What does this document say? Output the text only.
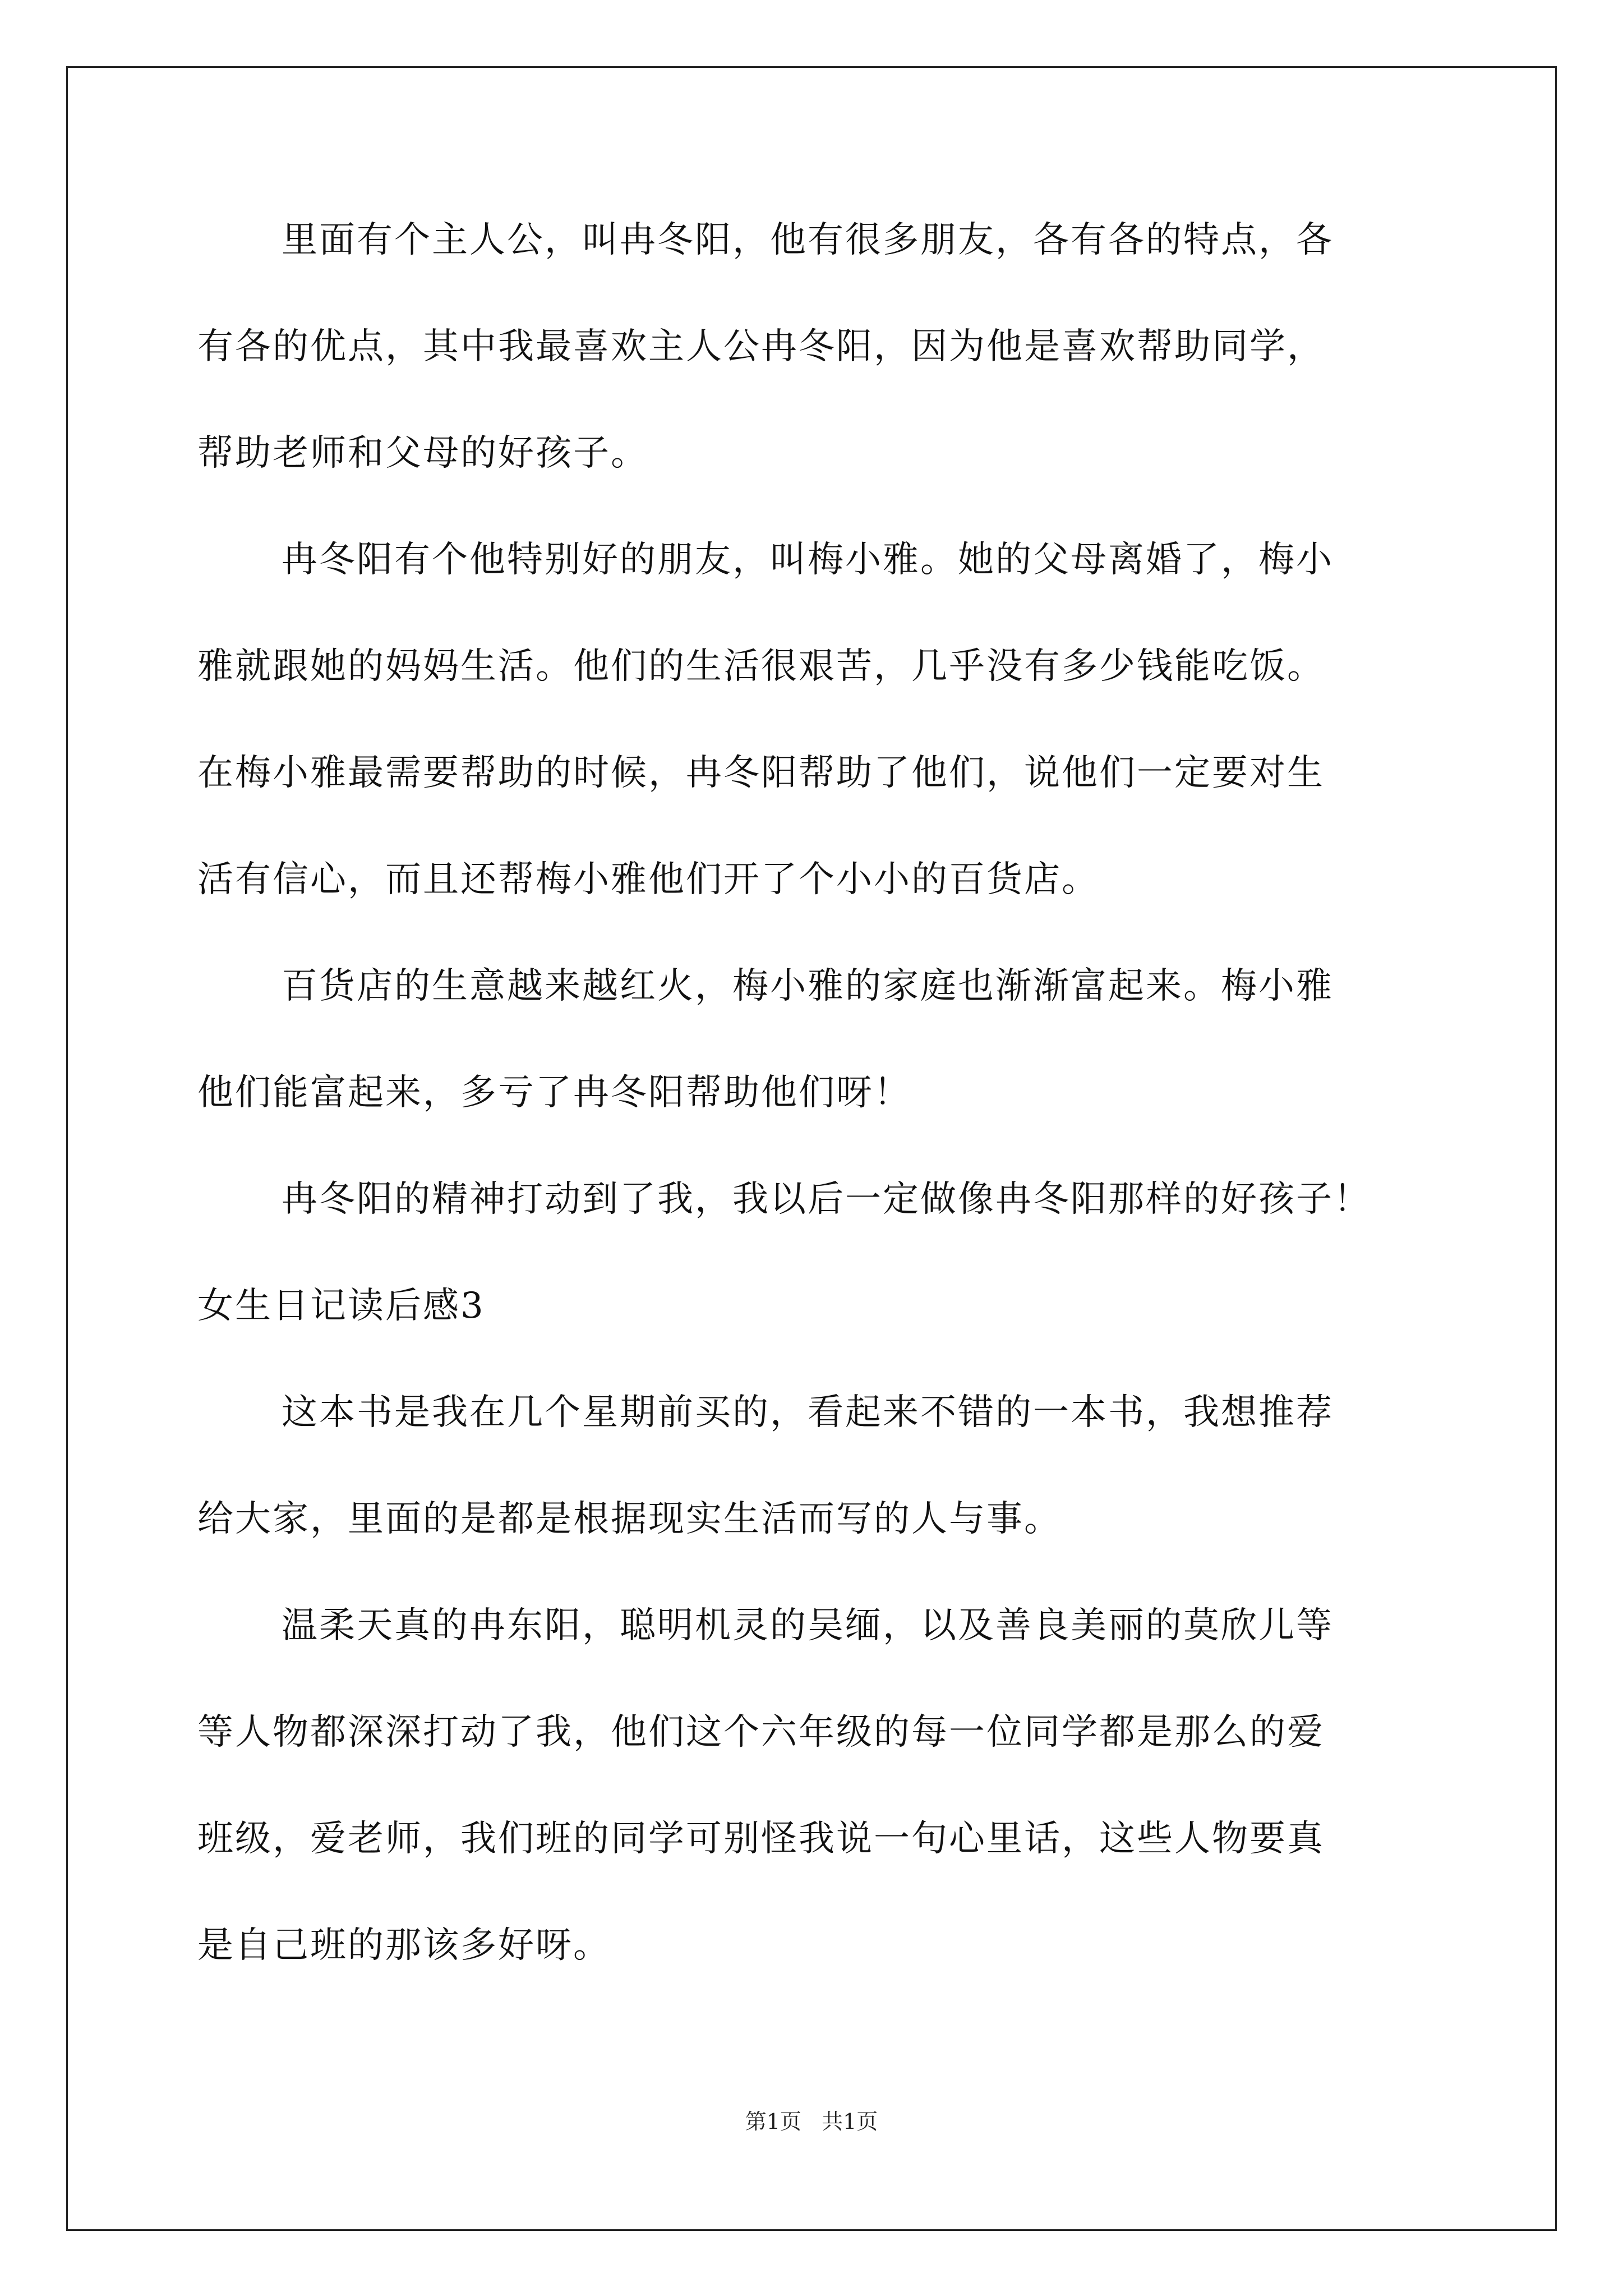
里面有个主人公，叫冉冬阳，他有很多朋友，各有各的特点，各
有各的优点，其中我最喜欢主人公冉冬阳，因为他是喜欢帮助同学，
帮助老师和父母的好孩子。
冉冬阳有个他特别好的朋友，叫梅小雅。她的父母离婚了，梅小
雅就跟她的妈妈生活。他们的生活很艰苦，几乎没有多少钱能吃饭。
在梅小雅最需要帮助的时候，冉冬阳帮助了他们，说他们一定要对生
活有信心，而且还帮梅小雅他们开了个小小的百货店。
百货店的生意越来越红火，梅小雅的家庭也渐渐富起来。梅小雅
他们能富起来，多亏了冉冬阳帮助他们呀！
冉冬阳的精神打动到了我，我以后一定做像冉冬阳那样的好孩子！
女生日记读后感3
这本书是我在几个星期前买的，看起来不错的一本书，我想推荐
给大家，里面的是都是根据现实生活而写的人与事。
温柔天真的冉东阳，聪明机灵的吴缅，以及善良美丽的莫欣儿等
等人物都深深打动了我，他们这个六年级的每一位同学都是那么的爱
班级，爱老师，我们班的同学可别怪我说一句心里话，这些人物要真
是自己班的那该多好呀。
第1页   共1页
